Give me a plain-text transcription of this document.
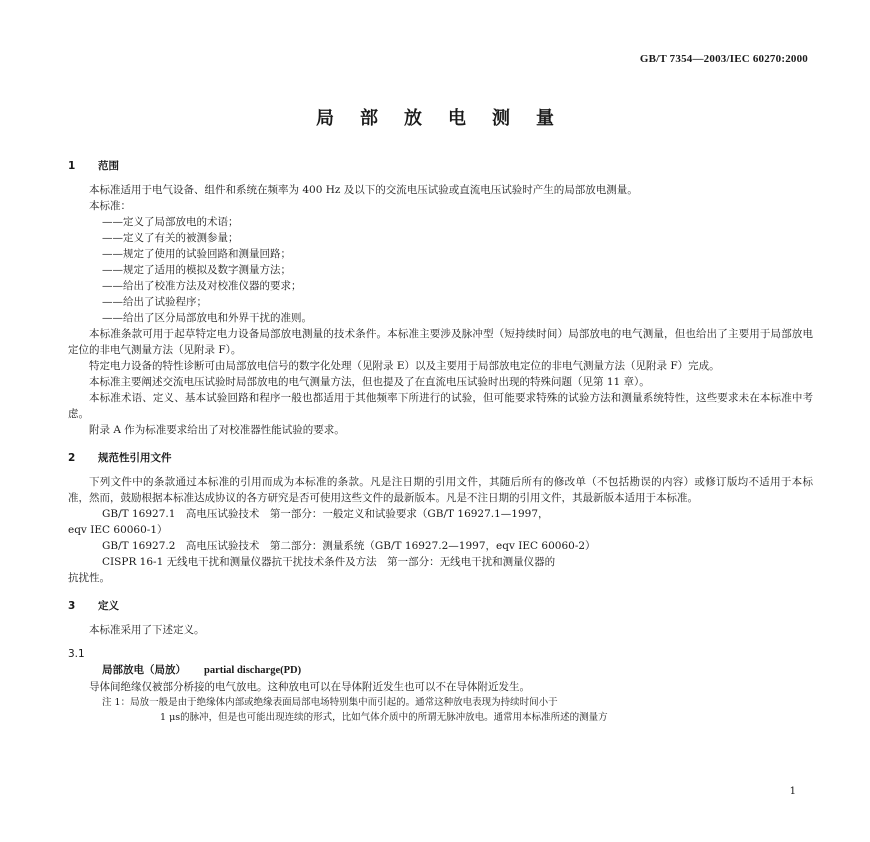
GB/T 7354—2003/IEC 60270:2000
局部放电测量

1 范围

本标准适用于电气设备、组件和系统在频率为 400 Hz 及以下的交流电压试验或直流电压试验时产生的局部放电测量。

本标准：

——定义了局部放电的术语；

——定义了有关的被测参量；

——规定了使用的试验回路和测量回路；

——规定了适用的模拟及数字测量方法；

——给出了校准方法及对校准仪器的要求；

——给出了试验程序；

——给出了区分局部放电和外界干扰的准则。

本标准条款可用于起草特定电力设备局部放电测量的技术条件。本标准主要涉及脉冲型（短持续时间）局部放电的电气测量，但也给出了主要用于局部放电定位的非电气测量方法（见附录 F）。

特定电力设备的特性诊断可由局部放电信号的数字化处理（见附录 E）以及主要用于局部放电定位的非电气测量方法（见附录 F）完成。

本标准主要阐述交流电压试验时局部放电的电气测量方法，但也提及了在直流电压试验时出现的特殊问题（见第 11 章）。

本标准术语、定义、基本试验回路和程序一般也都适用于其他频率下所进行的试验，但可能要求特殊的试验方法和测量系统特性，这些要求未在本标准中考虑。

附录 A 作为标准要求给出了对校准器性能试验的要求。

2 规范性引用文件

下列文件中的条款通过本标准的引用而成为本标准的条款。凡是注日期的引用文件，其随后所有的修改单（不包括勘误的内容）或修订版均不适用于本标准，然而，鼓励根据本标准达成协议的各方研究是否可使用这些文件的最新版本。凡是不注日期的引用文件，其最新版本适用于本标准。

GB/T 16927.1　高电压试验技术　第一部分：一般定义和试验要求（GB/T 16927.1—1997，

eqv IEC 60060-1）

GB/T 16927.2　高电压试验技术　第二部分：测量系统（GB/T 16927.2—1997，eqv IEC 60060-2）

CISPR 16-1 无线电干扰和测量仪器抗干扰技术条件及方法　第一部分：无线电干扰和测量仪器的

抗扰性。

3 定义

本标准采用了下述定义。

3.1

局部放电（局放） partial discharge(PD)

导体间绝缘仅被部分桥接的电气放电。这种放电可以在导体附近发生也可以不在导体附近发生。

注 1：局放一般是由于绝缘体内部或绝缘表面局部电场特别集中而引起的。通常这种放电表现为持续时间小于

1 μs的脉冲，但是也可能出现连续的形式，比如气体介质中的所谓无脉冲放电。通常用本标准所述的测量方

1
